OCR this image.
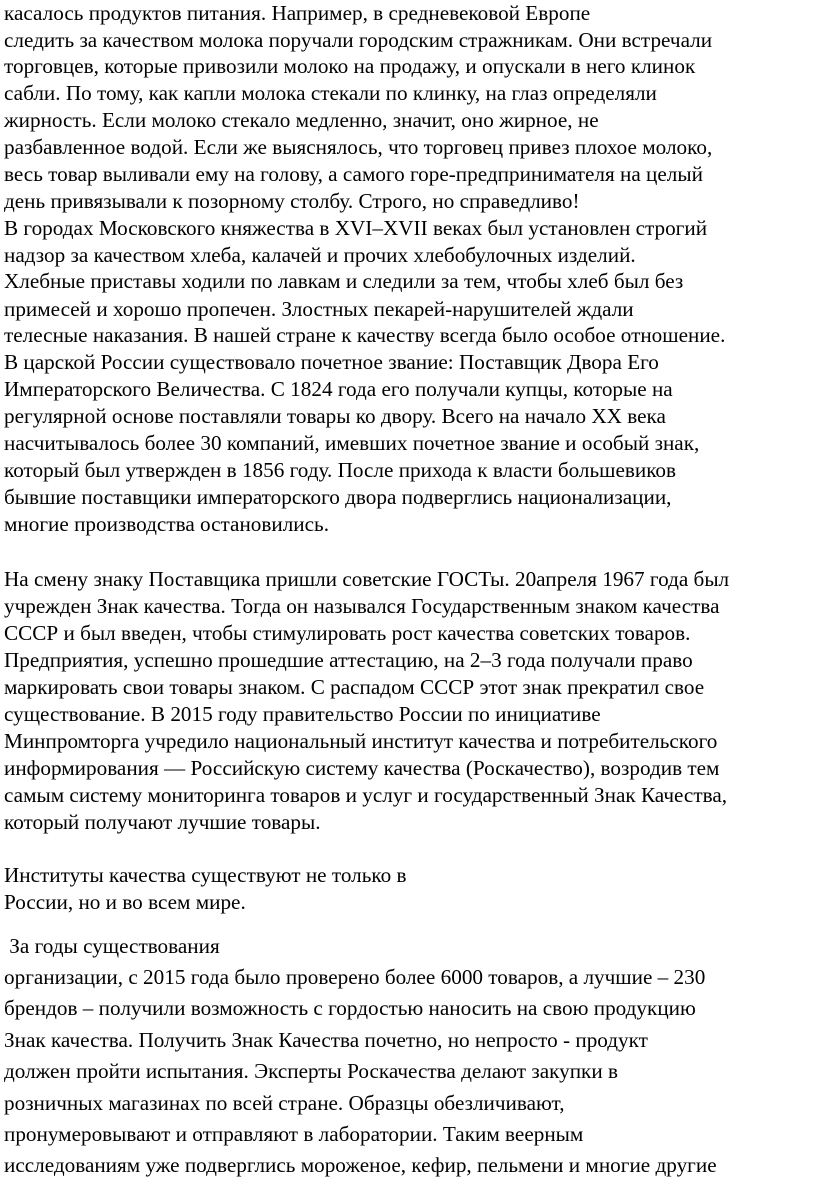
касалось продуктов питания. Например, в средневековой Европе
следить за качеством молока поручали городским стражникам. Они встречали
торговцев, которые привозили молоко на продажу, и опускали в него клинок
сабли. По тому, как капли молока стекали по клинку, на глаз определяли
жирность. Если молоко стекало медленно, значит, оно жирное, не
разбавленное водой. Если же выяснялось, что торговец привез плохое молоко,
весь товар выливали ему на голову, а самого горе-предпринимателя на целый
день привязывали к позорному столбу. Строго, но справедливо!
В городах Московского княжества в XVI–XVII веках был установлен строгий
надзор за качеством хлеба, калачей и прочих хлебобулочных изделий.
Хлебные приставы ходили по лавкам и следили за тем, чтобы хлеб был без
примесей и хорошо пропечен. Злостных пекарей-нарушителей ждали
телесные наказания. В нашей стране к качеству всегда было особое отношение.
В царской России существовало почетное звание: Поставщик Двора Его
Императорского Величества. С 1824 года его получали купцы, которые на
регулярной основе поставляли товары ко двору. Всего на начало XX века
насчитывалось более 30 компаний, имевших почетное звание и особый знак,
который был утвержден в 1856 году. После прихода к власти большевиков
бывшие поставщики императорского двора подверглись национализации,
многие производства остановились.
На смену знаку Поставщика пришли советские ГОСТы. 20апреля 1967 года был
учрежден Знак качества. Тогда он назывался Государственным знаком качества
СССР и был введен, чтобы стимулировать рост качества советских товаров.
Предприятия, успешно прошедшие аттестацию, на 2–3 года получали право
маркировать свои товары знаком. С распадом СССР этот знак прекратил свое
существование. В 2015 году правительство России по инициативе
Минпромторга учредило национальный институт качества и потребительского
информирования — Российскую систему качества (Роскачество), возродив тем
самым систему мониторинга товаров и услуг и государственный Знак Качества,
который получают лучшие товары.
Институты качества существуют не только в
России, но и во всем мире.
За годы существования
организации, с 2015 года было проверено более 6000 товаров, а лучшие – 230
брендов – получили возможность с гордостью наносить на свою продукцию
Знак качества. Получить Знак Качества почетно, но непросто - продукт
должен пройти испытания. Эксперты Роскачества делают закупки в
розничных магазинах по всей стране. Образцы обезличивают,
пронумеровывают и отправляют в лаборатории. Таким веерным
исследованиям уже подверглись мороженое, кефир, пельмени и многие другие
